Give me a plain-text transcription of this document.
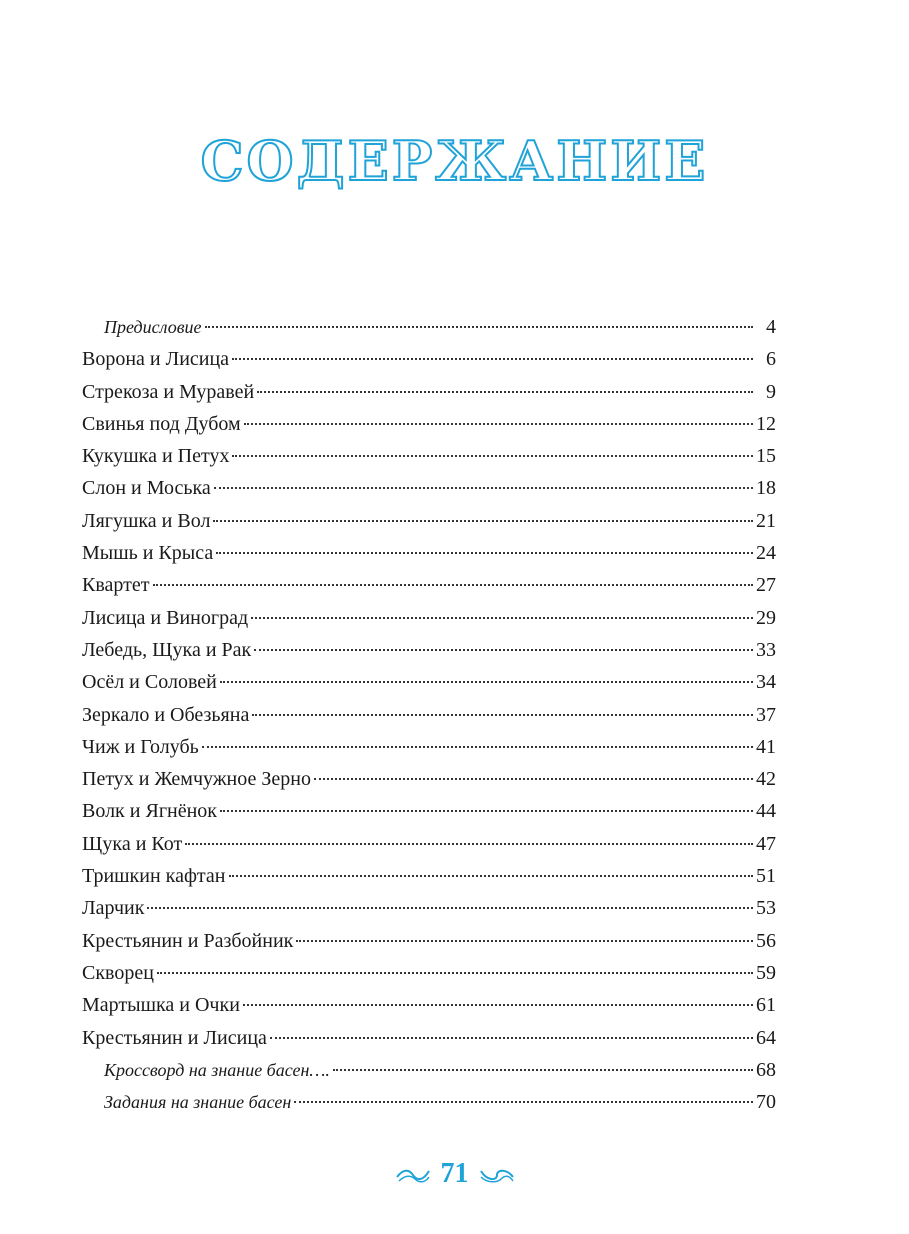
СОДЕРЖАНИЕ
Предисловие	4
Ворона и Лисица	6
Стрекоза и Муравей	9
Свинья под Дубом	12
Кукушка и Петух	15
Слон и Моська	18
Лягушка и Вол	21
Мышь и Крыса	24
Квартет	27
Лисица и Виноград	29
Лебедь, Щука и Рак	33
Осёл и Соловей	34
Зеркало и Обезьяна	37
Чиж и Голубь	41
Петух и Жемчужное Зерно	42
Волк и Ягнёнок	44
Щука и Кот	47
Тришкин кафтан	51
Ларчик	53
Крестьянин и Разбойник	56
Скворец	59
Мартышка и Очки	61
Крестьянин и Лисица	64
Кроссворд на знание басен….	68
Задания на знание басен	70
71
